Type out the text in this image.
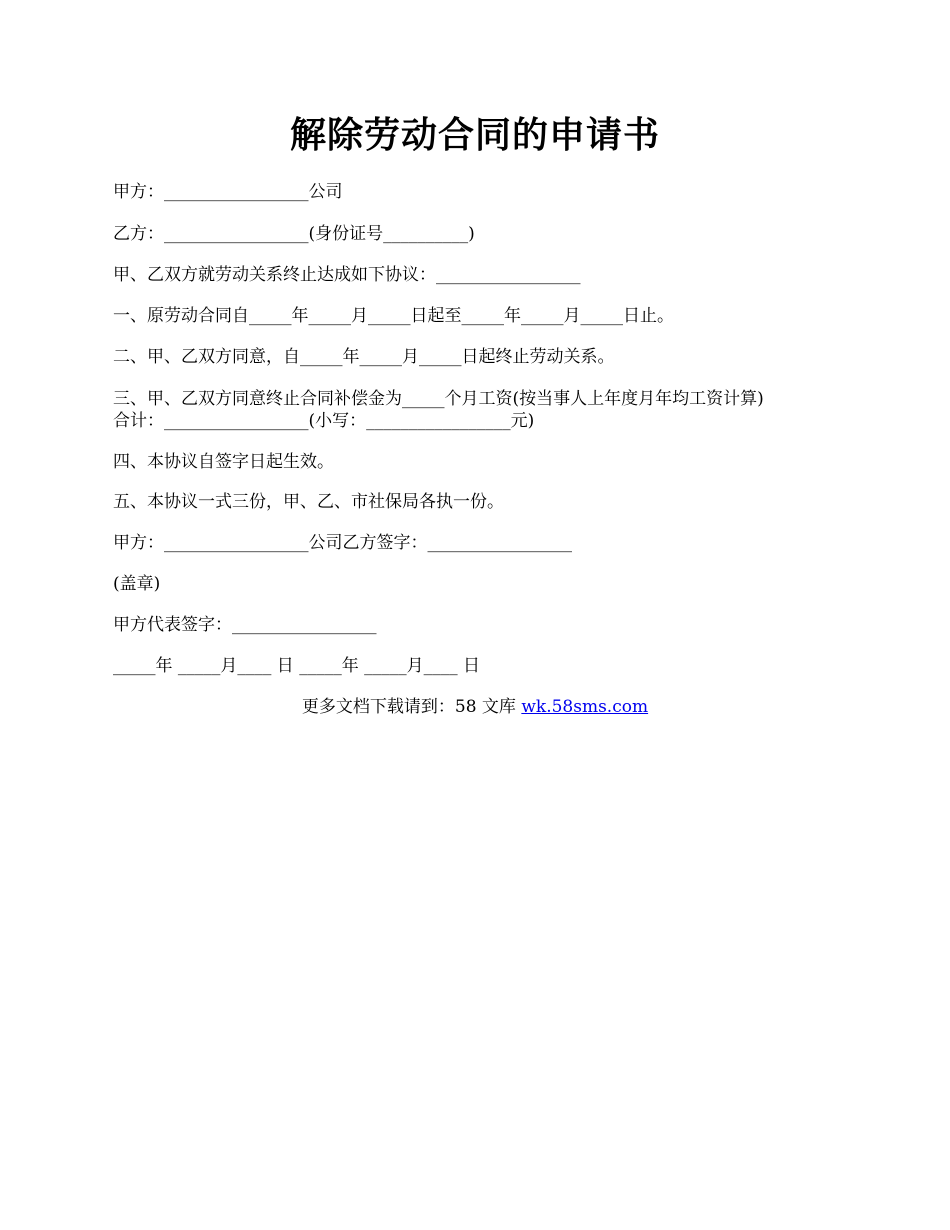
解除劳动合同的申请书
甲方：_________________公司
乙方：_________________(身份证号__________)
甲、乙双方就劳动关系终止达成如下协议：_________________
一、原劳动合同自_____年_____月_____日起至_____年_____月_____日止。
二、甲、乙双方同意，自_____年_____月_____日起终止劳动关系。
三、甲、乙双方同意终止合同补偿金为_____个月工资(按当事人上年度月年均工资计算)
合计：_________________(小写：_________________元)
四、本协议自签字日起生效。
五、本协议一式三份，甲、乙、市社保局各执一份。
甲方：_________________公司乙方签字：_________________
(盖章)
甲方代表签字：_________________
_____年 _____月____ 日 _____年 _____月____ 日
更多文档下载请到：58 文库 wk.58sms.com
